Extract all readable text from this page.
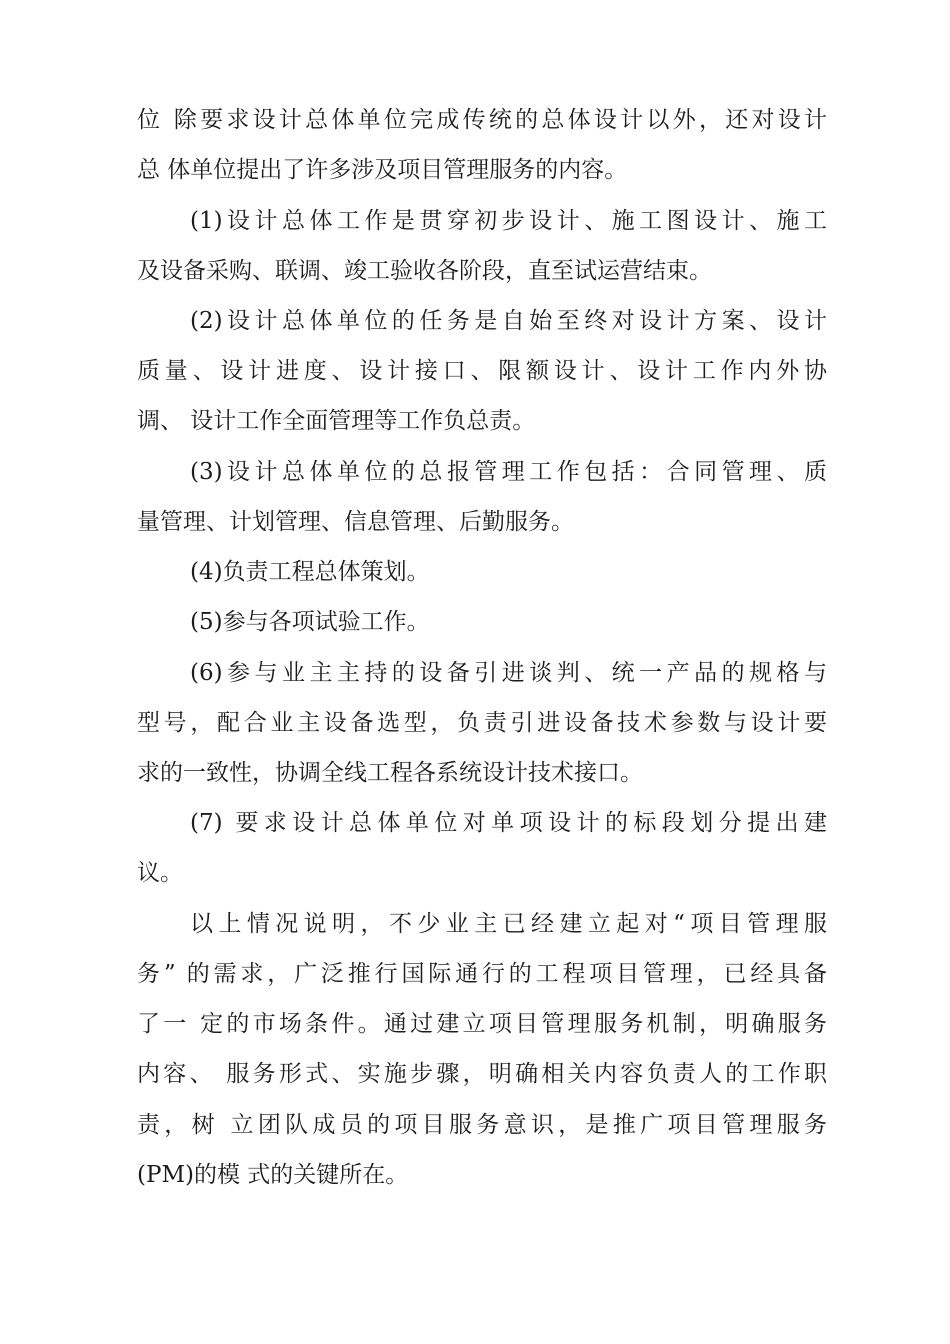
位 除要求设计总体单位完成传统的总体设计以外，还对设计
总 体单位提出了许多涉及项目管理服务的内容。
(1)设计总体工作是贯穿初步设计、施工图设计、施工
及设备采购、联调、竣工验收各阶段，直至试运营结束。
(2)设计总体单位的任务是自始至终对设计方案、设计
质量、设计进度、设计接口、限额设计、设计工作内外协
调、 设计工作全面管理等工作负总责。
(3)设计总体单位的总报管理工作包括：合同管理、质
量管理、计划管理、信息管理、后勤服务。
(4)负责工程总体策划。
(5)参与各项试验工作。
(6)参与业主主持的设备引进谈判、统一产品的规格与
型号，配合业主设备选型，负责引进设备技术参数与设计要
求的一致性，协调全线工程各系统设计技术接口。
(7) 要求设计总体单位对单项设计的标段划分提出建
议。
以上情况说明，不少业主已经建立起对“项目管理服
务” 的需求，广泛推行国际通行的工程项目管理，已经具备
了一 定的市场条件。通过建立项目管理服务机制，明确服务
内容、 服务形式、实施步骤，明确相关内容负责人的工作职
责，树 立团队成员的项目服务意识，是推广项目管理服务
(PM)的模 式的关键所在。
